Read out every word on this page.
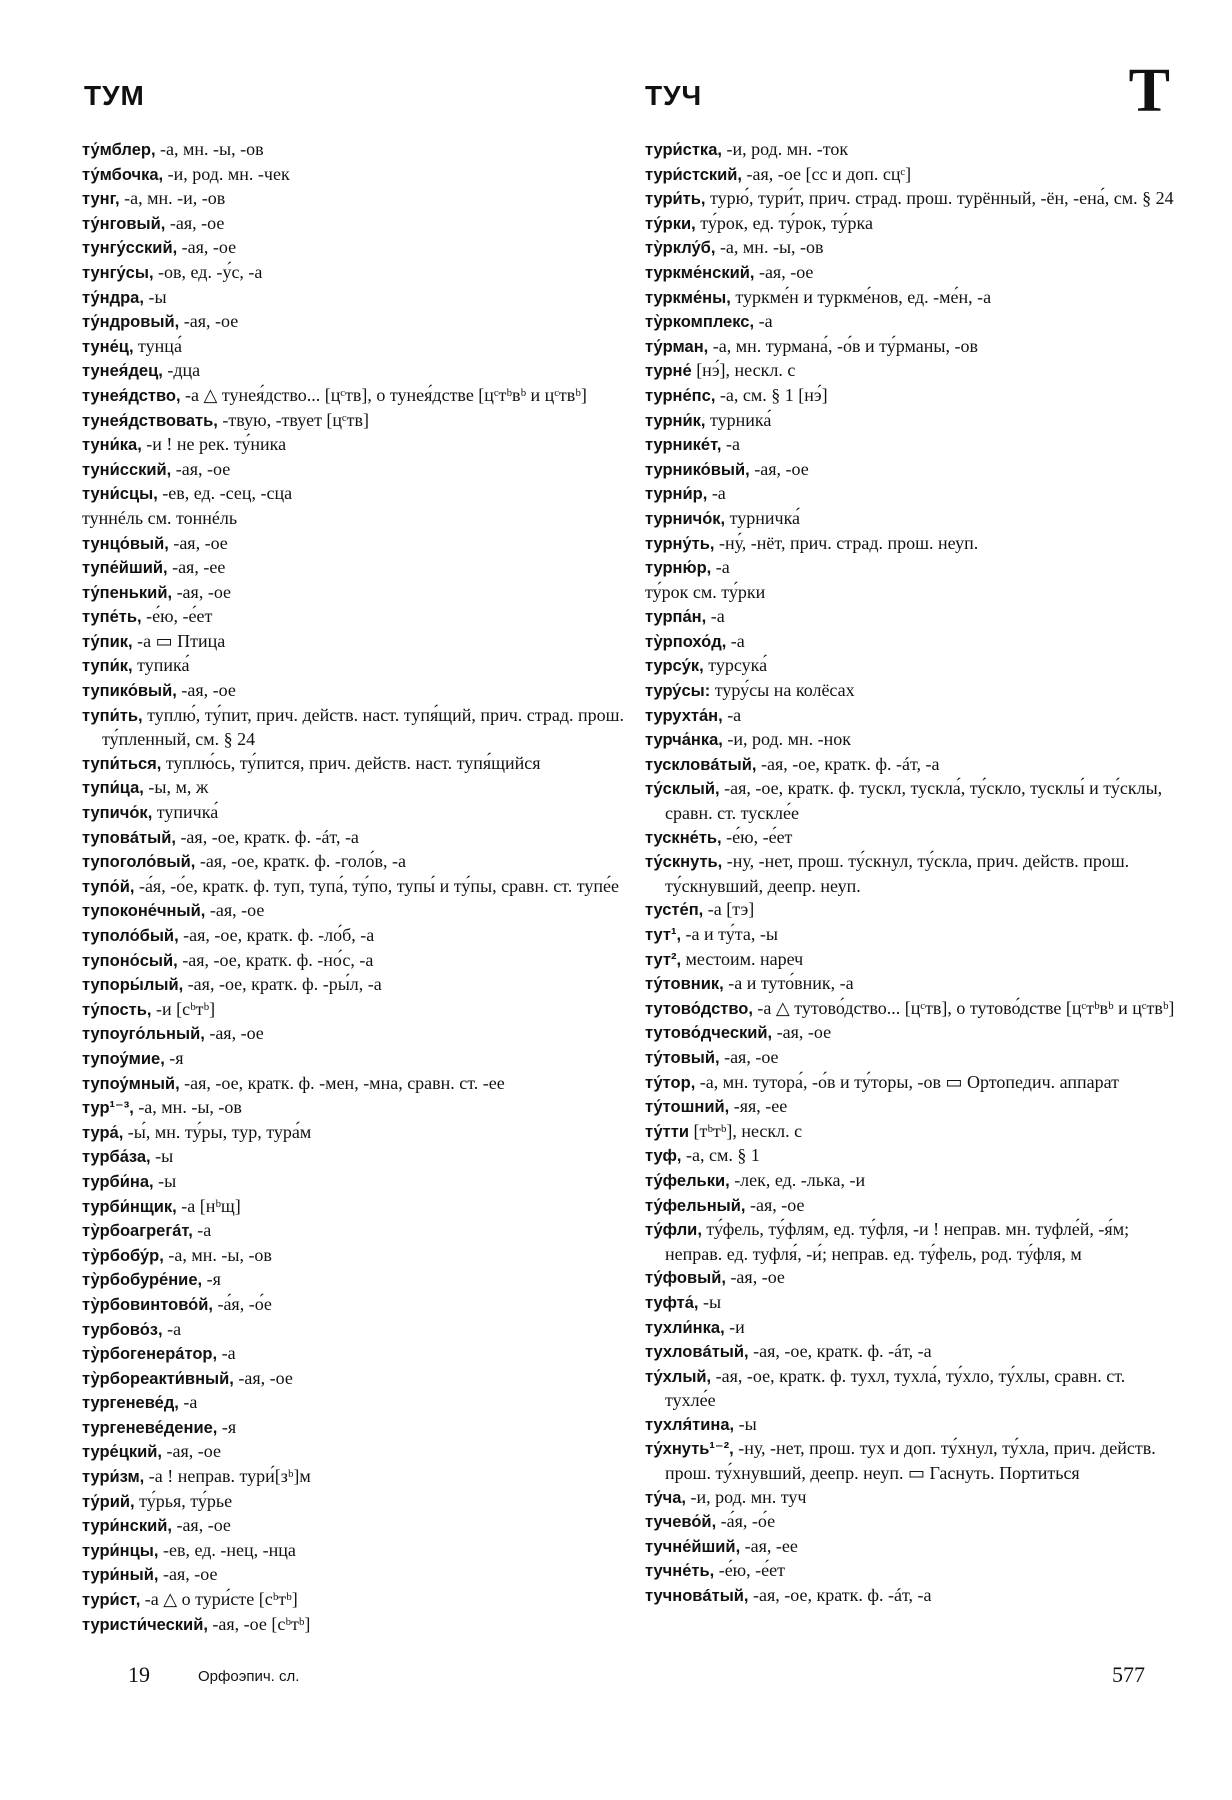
ТУМ	ТУЧ	Т

ту́мблер, -а, мн. -ы, -ов

ту́мбочка, -и, род. мн. -чек

тунг, -а, мн. -и, -ов

ту́нговый, -ая, -ое

тунгу́сский, -ая, -ое

тунгу́сы, -ов, ед. -у́с, -а

ту́ндра, -ы

ту́ндровый, -ая, -ое

туне́ц, тунца́

тунея́дец, -дца

тунея́дство, -а △ тунея́дство... [цᶜтв], о тунея́дстве [цᶜтᵇвᵇ и цᶜтвᵇ]

тунея́дствовать, -твую, -твует [цᶜтв]

туни́ка, -и ! не рек. ту́ника

туни́сский, -ая, -ое

туни́сцы, -ев, ед. -сец, -сца

туннéль см. тоннéль

тунцо́вый, -ая, -ое

тупе́йший, -ая, -ее

ту́пенький, -ая, -ое

тупе́ть, -е́ю, -е́ет

ту́пик, -а ▭ Птица

тупи́к, тупика́

тупико́вый, -ая, -ое

тупи́ть, туплю́, ту́пит, прич. действ. наст. тупя́щий, прич. страд. прош. ту́пленный, см. § 24

тупи́ться, туплю́сь, ту́пится, прич. действ. наст. тупя́щийся

тупи́ца, -ы, м, ж

тупичо́к, тупичка́

туповáтый, -ая, -ое, кратк. ф. -áт, -а

тупоголо́вый, -ая, -ое, кратк. ф. -голо́в, -а

тупо́й, -а́я, -о́е, кратк. ф. туп, тупа́, ту́по, тупы́ и ту́пы, сравн. ст. тупе́е

тупоконе́чный, -ая, -ое

туполо́бый, -ая, -ое, кратк. ф. -ло́б, -а

тупоно́сый, -ая, -ое, кратк. ф. -но́с, -а

тупоры́лый, -ая, -ое, кратк. ф. -ры́л, -а

ту́пость, -и [сᵇтᵇ]

тупоуго́льный, -ая, -ое

тупоу́мие, -я

тупоу́мный, -ая, -ое, кратк. ф. -мен, -мна, сравн. ст. -ее

тур¹⁻³, -а, мн. -ы, -ов

тура́, -ы́, мн. ту́ры, тур, тура́м

турба́за, -ы

турби́на, -ы

турби́нщик, -а [нᵇщ]

ту̀рбоагрегáт, -а

ту̀рбобу́р, -а, мн. -ы, -ов

ту̀рбобуре́ние, -я

ту̀рбовинтово́й, -а́я, -о́е

турбово́з, -а

ту̀рбогенерáтор, -а

ту̀рборeакти́вный, -ая, -ое

тургеневе́д, -а

тургеневе́дение, -я

туре́цкий, -ая, -ое

тури́зм, -а ! неправ. тури́[зᵇ]м

ту́рий, ту́рья, ту́рье

тури́нский, -ая, -ое

тури́нцы, -ев, ед. -нец, -нца

тури́ный, -ая, -ое

тури́ст, -а △ о тури́сте [сᵇтᵇ]

туристи́ческий, -ая, -ое [сᵇтᵇ]

тури́стка, -и, род. мн. -ток

тури́стский, -ая, -ое [сс и доп. сцᶜ]

тури́ть, турю́, тури́т, прич. страд. прош. турённый, -ён, -ена́, см. § 24

ту́рки, ту́рок, ед. ту́рок, ту́рка

ту̀рклу́б, -а, мн. -ы, -ов

туркме́нский, -ая, -ое

туркме́ны, туркме́н и туркме́нов, ед. -ме́н, -а

ту̀ркомплекс, -а

ту́рман, -а, мн. турмана́, -о́в и ту́рманы, -ов

турне́ [нэ́], нескл. с

турне́пс, -а, см. § 1 [нэ́]

турни́к, турника́

турнике́т, -а

турнико́вый, -ая, -ое

турни́р, -а

турничо́к, турничка́

турну́ть, -ну́, -нёт, прич. страд. прош. неуп.

турню́р, -а

ту́рок см. ту́рки

турпа́н, -а

ту̀рпохо́д, -а

турсу́к, турсука́

туру́сы: туру́сы на колёсах

турухта́н, -а

турча́нка, -и, род. мн. -нок

тускловáтый, -ая, -ое, кратк. ф. -áт, -а

ту́склый, -ая, -ое, кратк. ф. тускл, тускла́, ту́скло, тусклы́ и ту́склы, сравн. ст. тускле́е

тускне́ть, -е́ю, -е́ет

ту́скнуть, -ну, -нет, прош. ту́скнул, ту́скла, прич. действ. прош. ту́скнувший, деепр. неуп.

тусте́п, -а [тэ]

тут¹, -а и ту́та, -ы

тут², местоим. нареч

ту́товник, -а и туто́вник, -а

тутово́дство, -а △ тутово́дство... [цᶜтв], о тутово́дстве [цᶜтᵇвᵇ и цᶜтвᵇ]

тутово́дческий, -ая, -ое

ту́товый, -ая, -ое

ту́тор, -а, мн. тутора́, -о́в и ту́торы, -ов ▭ Ортопедич. аппарат

ту́тошний, -яя, -ее

ту́тти [тᵇтᵇ], нескл. с

туф, -а, см. § 1

ту́фельки, -лек, ед. -лька, -и

ту́фельный, -ая, -ое

ту́фли, ту́фель, ту́флям, ед. ту́фля, -и ! неправ. мн. туфле́й, -я́м; неправ. ед. туфля́, -и́; неправ. ед. ту́фель, род. ту́фля, м

ту́фовый, -ая, -ое

туфта́, -ы

тухли́нка, -и

тухловáтый, -ая, -ое, кратк. ф. -áт, -а

ту́хлый, -ая, -ое, кратк. ф. тухл, тухла́, ту́хло, ту́хлы, сравн. ст. тухле́е

тухля́тина, -ы

ту́хнуть¹⁻², -ну, -нет, прош. тух и доп. ту́хнул, ту́хла, прич. действ. прош. ту́хнувший, деепр. неуп. ▭ Гаснуть. Портиться

ту́ча, -и, род. мн. туч

тучево́й, -а́я, -о́е

тучне́йший, -ая, -ее

тучне́ть, -е́ю, -е́ет

тучновáтый, -ая, -ое, кратк. ф. -áт, -а

19	Орфоэпич. сл.	577
